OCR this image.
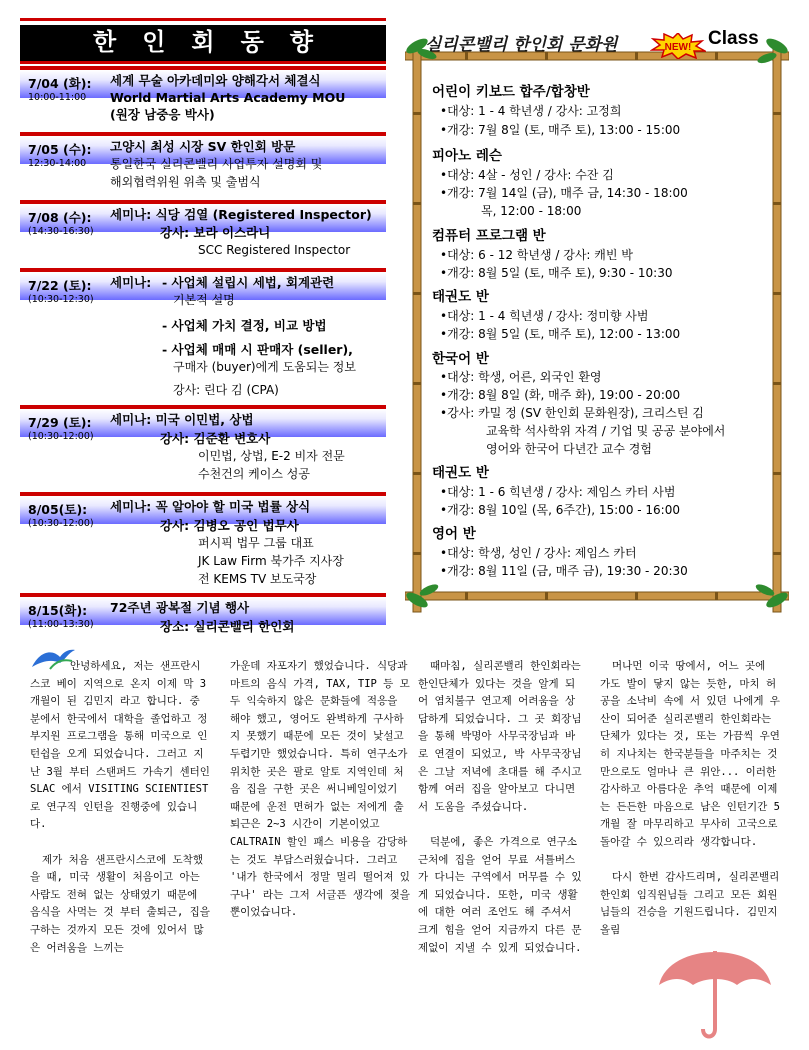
한인회동향
7/04 (화):
10:00-11:00
세계 무술 아카데미와 양해각서 체결식
World Martial Arts Academy MOU
(원장 남중응 박사)
7/05 (수):
12:30-14:00
고양시 최성 시장 SV 한인회 방문
통일한국 실리콘밸리 사업투자 설명회 및
해외협력위원 위촉 및 출범식
7/08 (수):
(14:30-16:30)
세미나: 식당 검열 (Registered Inspector)
강사: 보라 이스라니
SCC Registered Inspector
7/22 (토):
(10:30-12:30)
세미나: - 사업체 설립시 세법, 회계관련
기본적 설명
- 사업체 가치 결정, 비교 방법
- 사업체 매매 시 판매자 (seller),
구매자 (buyer)에게 도움되는 정보
강사: 린다 김 (CPA)
7/29 (토):
(10:30-12:00)
세미나: 미국 이민법, 상법
강사: 김준환 변호사
이민법, 상법, E-2 비자 전문
수천건의 케이스 성공
8/05(토):
(10:30-12:00)
세미나: 꼭 알아야 할 미국 법률 상식
강사: 김병오 공인 법무사
퍼시픽 법무 그룹 대표
JK Law Firm 북가주 지사장
전 KEMS TV 보도국장
8/15(화):
(11:00-13:30)
72주년 광복절 기념 행사
장소: 실리콘밸리 한인회
실리콘밸리 한인회 문화원	NEW! Class
어린이 키보드 합주/합창반
•대상: 1 - 4 학년생 / 강사: 고정희
•개강: 7월 8일 (토, 매주 토), 13:00 - 15:00
피아노 레슨
•대상: 4살 - 성인 / 강사: 수잔 김
•개강: 7월 14일 (금), 매주 금, 14:30 - 18:00
목, 12:00 - 18:00
컴퓨터 프로그램 반
•대상: 6 - 12 학년생 / 강사: 캐빈 박
•개강: 8월 5일 (토, 매주 토), 9:30 - 10:30
태권도 반
•대상: 1 - 4 힉년생 / 강사: 정미향 사범
•개강: 8월 5일 (토, 매주 토), 12:00 - 13:00
한국어 반
•대상: 학생, 어른, 외국인 환영
•개강: 8월 8일 (화, 매주 화), 19:00 - 20:00
•강사: 카밀 정 (SV 한인회 문화원장), 크리스틴 김
교육학 석사학위 자격 / 기업 및 공공 분야에서
영어와 한국어 다년간 교수 경험
태권도 반
•대상: 1 - 6 힉년생 / 강사: 제임스 카터 사범
•개강: 8월 10일 (목, 6주간), 15:00 - 16:00
영어 반
•대상: 학생, 성인 / 강사: 제임스 카터
•개강: 8월 11일 (금, 매주 금), 19:30 - 20:30

안녕하세요, 저는 샌프란시스코 베이 지역으로 온지 이제 막 3개월이 된 김민지 라고 합니다. 중 분에서 한국에서 대학을 졸업하고 정부지원 프로그램을 통해 미국으로 인턴쉽을 오게 되었습니다. 그러고 지난 3월 부터 스탠퍼드 가속기 센터인 SLAC 에서 VISITING SCIENTIEST로 연구직 인턴을 진행중에 있습니다.

제가 처음 샌프란시스코에 도착했을 때, 미국 생활이 처음이고 아는 사람도 전혀 없는 상태였기 때문에 음식을 사먹는 것 부터 출퇴근, 집을 구하는 것까지 모든 것에 있어서 많은 어려움을 느끼는

가운데 자포자기 했었습니다. 식당과 마트의 음식 가격, TAX, TIP 등 모두 익숙하지 않은 문화들에 적응을 해야 했고, 영어도 완벽하게 구사하지 못했기 때문에 모든 것이 낯설고 두렵기만 했었습니다. 특히 연구소가 위치한 곳은 팔로 알토 지역인데 처음 집을 구한 곳은 써니베일이었기 때문에 운전 면허가 없는 저에게 출퇴근은 2~3 시간이 기본이었고 CALTRAIN 할인 패스 비용을 감당하는 것도 부담스러웠습니다. 그러고 '내가 한국에서 정말 멀리 떨어져 있구나' 라는 그저 서글픈 생각에 젖을 뿐이었습니다.

때마침, 실리콘밸리 한인회라는 한인단체가 있다는 것을 알게 되어 염치불구 연고제 어려움을 상담하게 되었습니다. 그 곳 회장님을 통해 박명아 사무국장님과 바로 연결이 되었고, 박 사무국장님은 그날 저녁에 초대를 해 주시고 함께 여러 집을 알아보고 다니면서 도움을 주셨습니다.

덕분에, 좋은 가격으로 연구소 근처에 집을 얻어 무료 셔틀버스가 다니는 구역에서 머무를 수 있게 되었습니다. 또한, 미국 생활에 대한 여러 조언도 해 주셔서 크게 힘을 얻어 지금까지 다른 문제없이 지낼 수 있게 되었습니다.

머나먼 이국 땅에서, 어느 곳에 가도 발이 닿지 않는 듯한, 마치 허공을 소낙비 속에 서 있던 나에게 우산이 되어준 실리콘밸리 한인회라는 단체가 있다는 것, 또는 가끔씩 우연히 지나치는 한국분들을 마주치는 것만으로도 얼마나 큰 위안... 이러한 감사하고 아름다운 추억 때문에 이제는 든든한 마음으로 남은 인턴기간 5개월 잘 마무리하고 무사히 고국으로 돌아갈 수 있으리라 생각합니다.

다시 한번 감사드리며, 실리콘밸리 한인회 임직원님들 그리고 모든 회원님들의 건승을 기원드립니다. 김민지 올림
